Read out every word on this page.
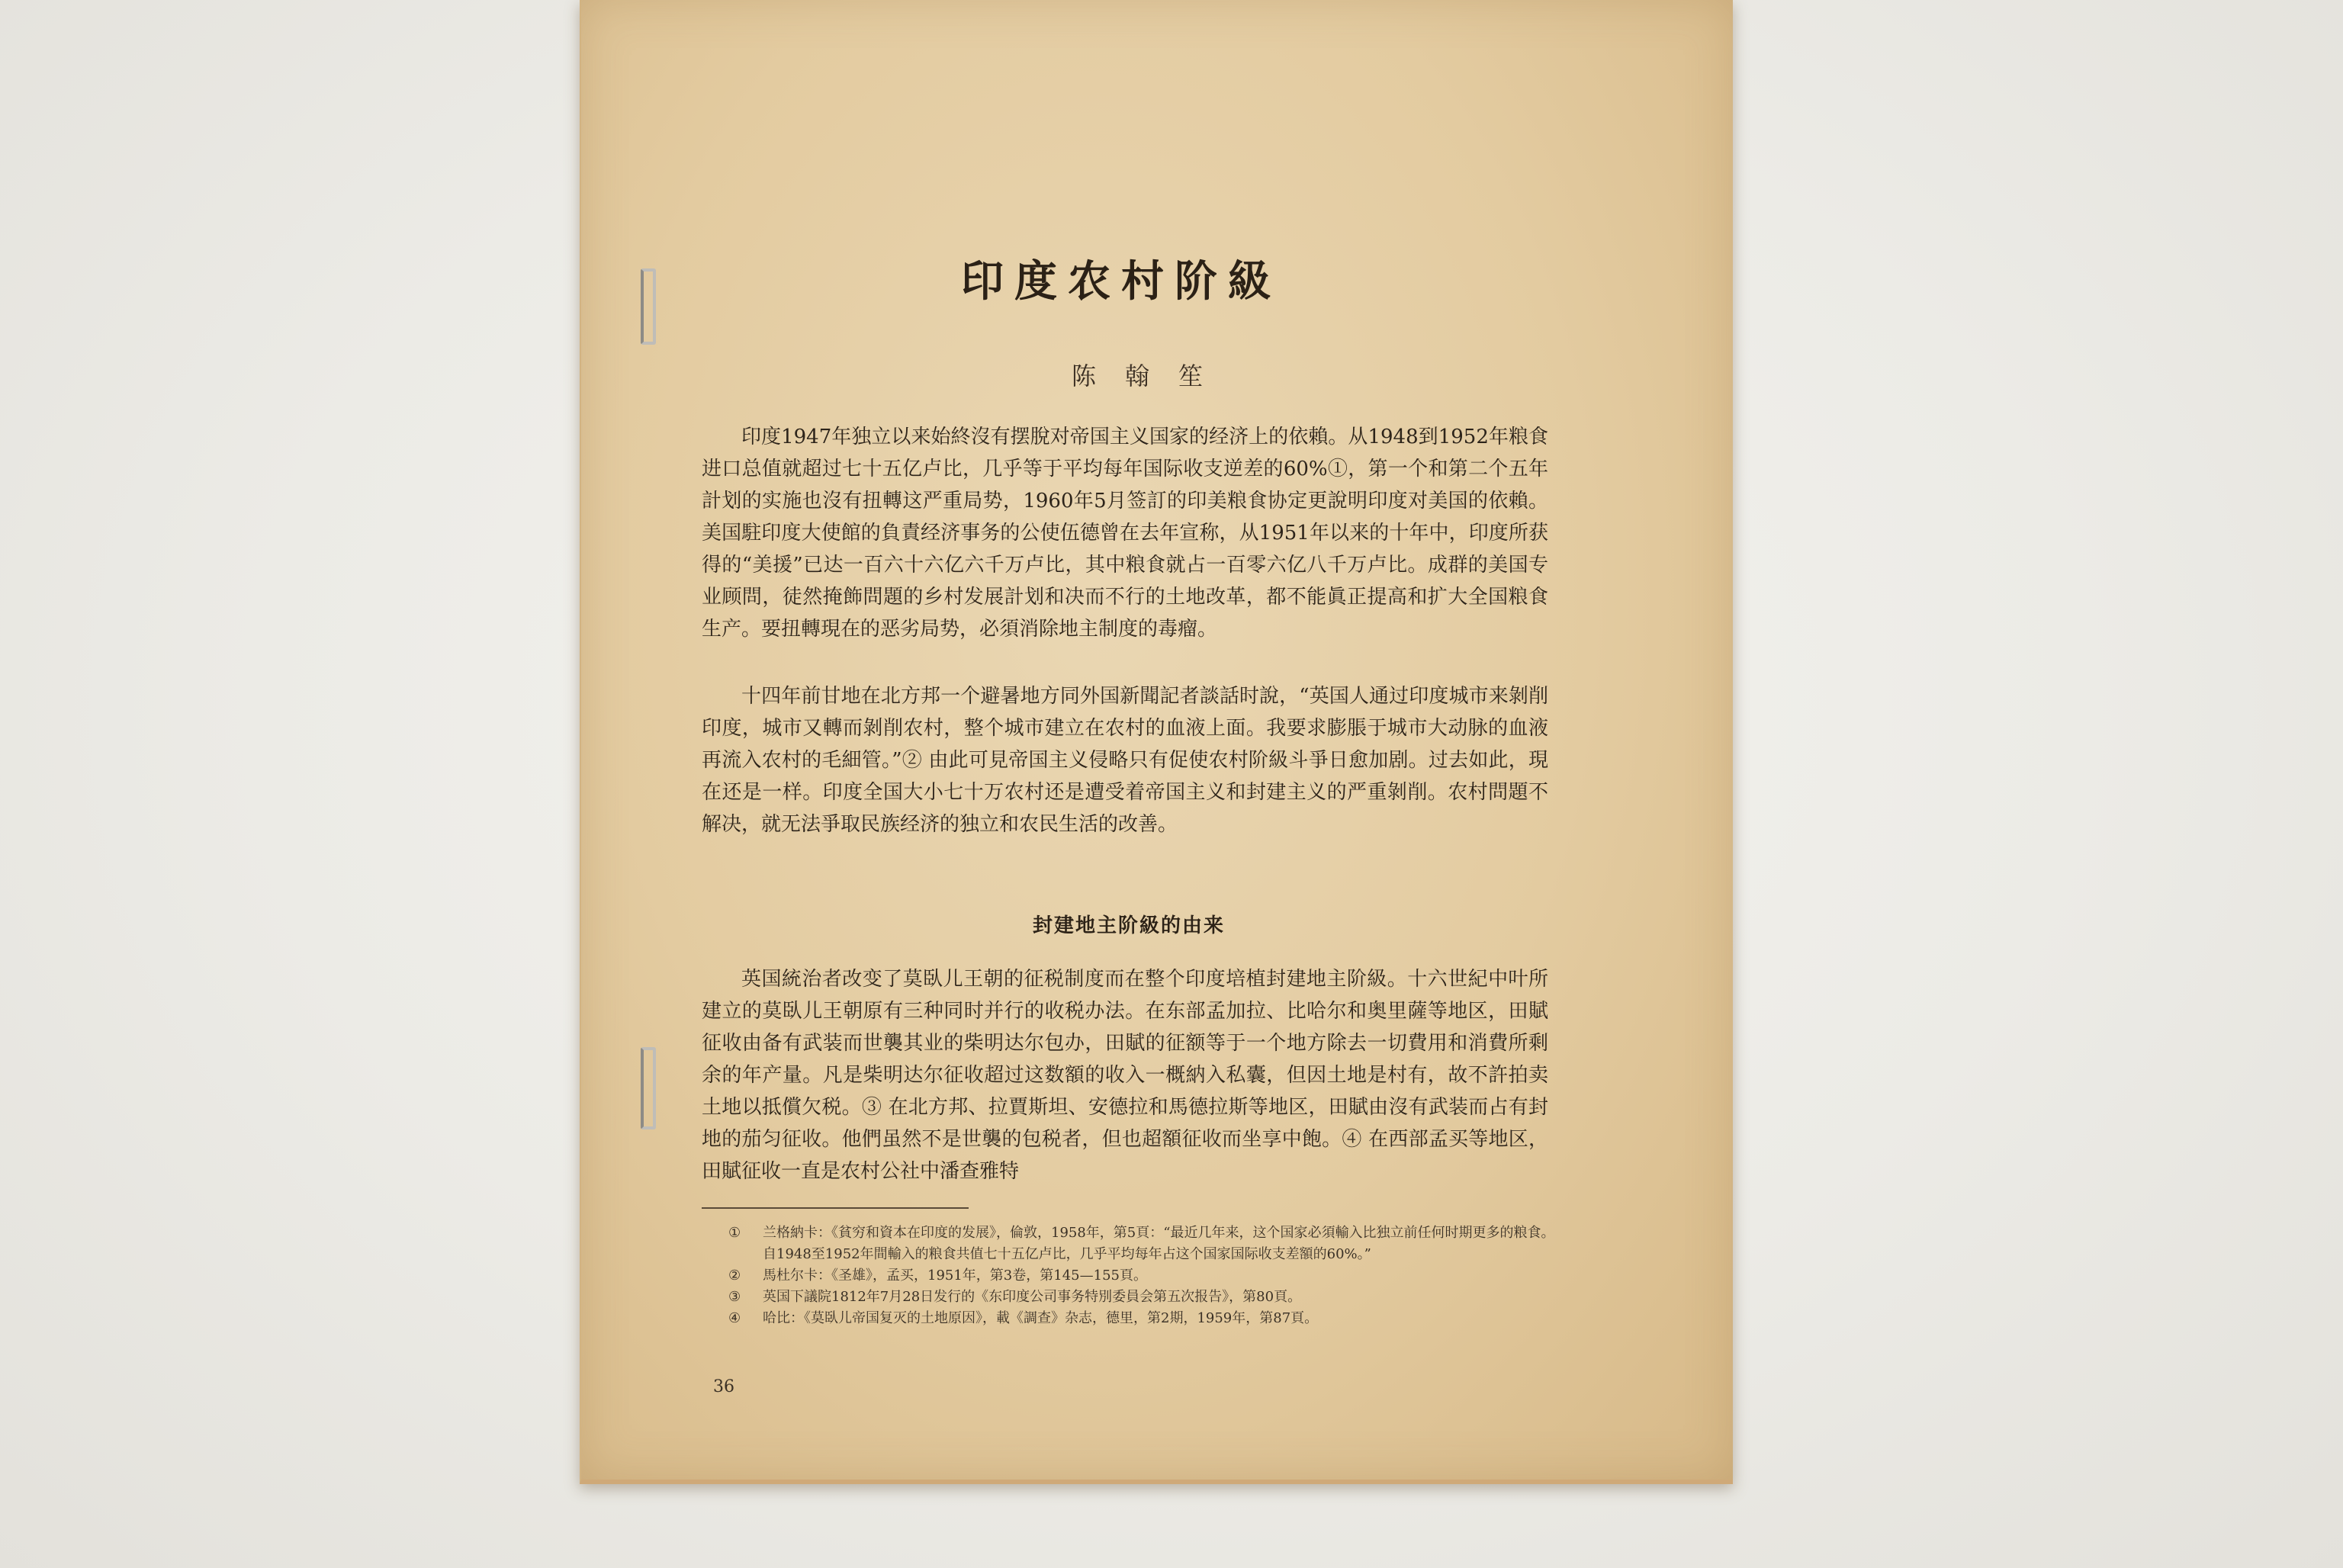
印度农村阶級
陈翰笙

印度1947年独立以来始終沒有摆脫对帝国主义国家的经济上的依賴。从1948到1952年粮食进口总值就超过七十五亿卢比，几乎等于平均每年国际收支逆差的60%①，第一个和第二个五年計划的实施也沒有扭轉这严重局势，1960年5月签訂的印美粮食协定更說明印度对美国的依賴。美国駐印度大使館的負責经济事务的公使伍德曾在去年宣称，从1951年以来的十年中，印度所获得的“美援”已达一百六十六亿六千万卢比，其中粮食就占一百零六亿八千万卢比。成群的美国专业顾問，徒然掩飾問題的乡村发展計划和决而不行的土地改革，都不能眞正提高和扩大全国粮食生产。要扭轉現在的恶劣局势，必須消除地主制度的毒瘤。

十四年前甘地在北方邦一个避暑地方同外国新聞記者談話时說，“英国人通过印度城市来剝削印度，城市又轉而剝削农村，整个城市建立在农村的血液上面。我要求膨脹于城市大动脉的血液再流入农村的毛細管。”② 由此可見帝国主义侵略只有促使农村阶級斗爭日愈加剧。过去如此，現在还是一样。印度全国大小七十万农村还是遭受着帝国主义和封建主义的严重剝削。农村問題不解决，就无法爭取民族经济的独立和农民生活的改善。

封建地主阶級的由来

英国統治者改变了莫臥儿王朝的征税制度而在整个印度培植封建地主阶級。十六世紀中叶所建立的莫臥儿王朝原有三种同时并行的收税办法。在东部孟加拉、比哈尔和奥里薩等地区，田賦征收由备有武装而世襲其业的柴明达尔包办，田賦的征额等于一个地方除去一切費用和消費所剩余的年产量。凡是柴明达尔征收超过这数額的收入一概納入私囊，但因土地是村有，故不許拍卖土地以抵償欠税。③ 在北方邦、拉賈斯坦、安德拉和馬德拉斯等地区，田賦由沒有武装而占有封地的茄匀征收。他們虽然不是世襲的包税者，但也超額征收而坐享中飽。④ 在西部孟买等地区，田賦征收一直是农村公社中潘查雅特

①	兰格納卡：《貧穷和資本在印度的发展》，倫敦，1958年，第5頁：“最近几年来，这个国家必須輸入比独立前任何时期更多的粮食。自1948至1952年間輸入的粮食共值七十五亿卢比，几乎平均每年占这个国家国际收支差額的60%。”
②	馬杜尔卡：《圣雄》，孟买，1951年，第3卷，第145—155頁。
③	英国下議院1812年7月28日发行的《东印度公司事务特別委員会第五次报告》，第80頁。
④	哈比：《莫臥儿帝国复灭的土地原因》，載《調查》杂志，德里，第2期，1959年，第87頁。
36
